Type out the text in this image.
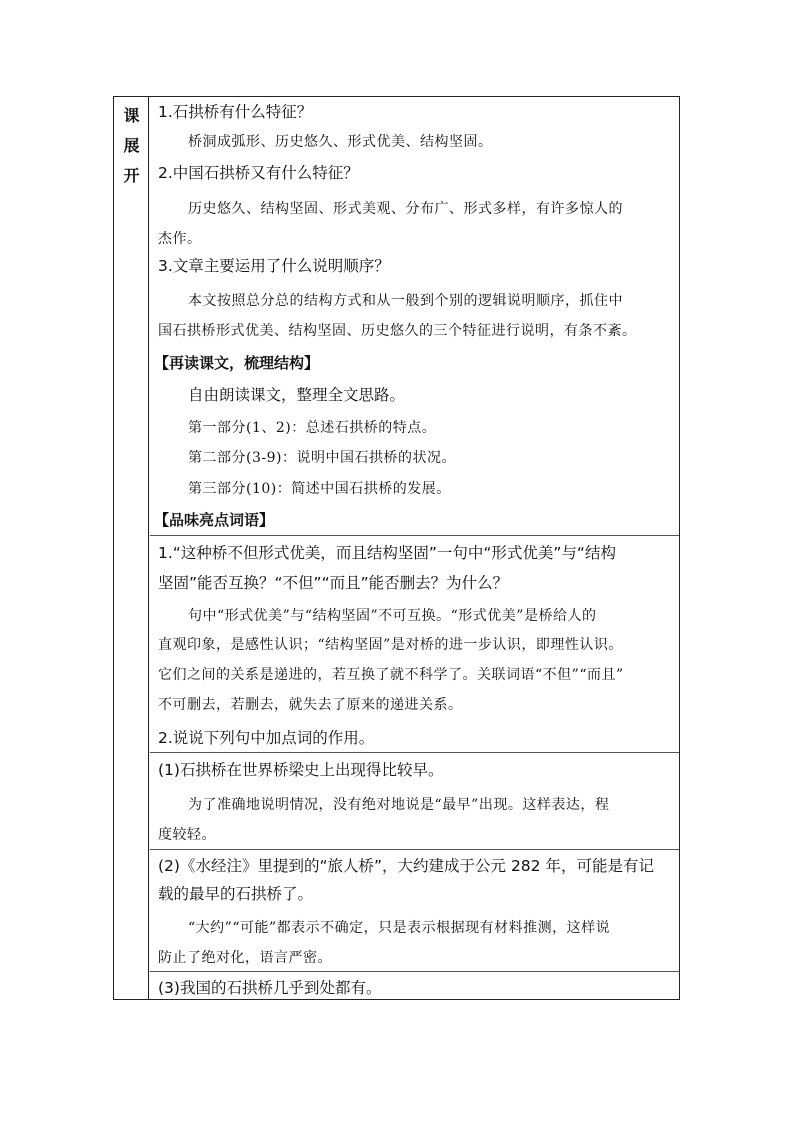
课
展
开
1.石拱桥有什么特征？
桥洞成弧形、历史悠久、形式优美、结构坚固。
2.中国石拱桥又有什么特征？
历史悠久、结构坚固、形式美观、分布广、形式多样，有许多惊人的
杰作。
3.文章主要运用了什么说明顺序？
本文按照总分总的结构方式和从一般到个别的逻辑说明顺序，抓住中
国石拱桥形式优美、结构坚固、历史悠久的三个特征进行说明，有条不紊。
【再读课文，梳理结构】
自由朗读课文，整理全文思路。
第一部分(1、2)：总述石拱桥的特点。
第二部分(3-9)：说明中国石拱桥的状况。
第三部分(10)：简述中国石拱桥的发展。
【品味亮点词语】
1.“这种桥不但形式优美，而且结构坚固”一句中“形式优美”与“结构
坚固”能否互换？“不但”“而且”能否删去？为什么？
句中“形式优美”与“结构坚固”不可互换。“形式优美”是桥给人的
直观印象，是感性认识；“结构坚固”是对桥的进一步认识，即理性认识。
它们之间的关系是递进的，若互换了就不科学了。关联词语“不但”“而且”
不可删去，若删去，就失去了原来的递进关系。
2.说说下列句中加点词的作用。
(1)石拱桥在世界桥梁史上出现得比较早。
为了准确地说明情况，没有绝对地说是“最早”出现。这样表达，程
度较轻。
(2)《水经注》里提到的“旅人桥”，大约建成于公元 282 年，可能是有记
载的最早的石拱桥了。
“大约”“可能”都表示不确定，只是表示根据现有材料推测，这样说
防止了绝对化，语言严密。
(3)我国的石拱桥几乎到处都有。
